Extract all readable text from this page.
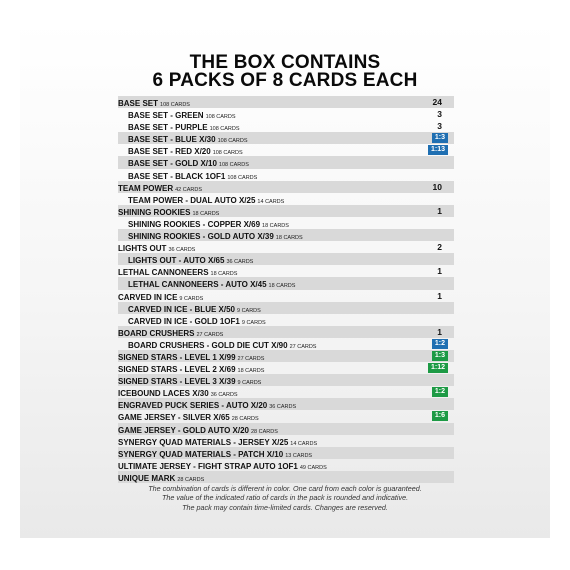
THE BOX CONTAINS
6 PACKS OF 8 CARDS EACH
BASE SET 108 CARDS	24
BASE SET - GREEN 108 CARDS	3
BASE SET - PURPLE 108 CARDS	3
BASE SET - BLUE X/30 108 CARDS	1:3
BASE SET - RED X/20 108 CARDS	1:13
BASE SET - GOLD X/10 108 CARDS
BASE SET - BLACK 1OF1 108 CARDS
TEAM POWER 42 CARDS	10
TEAM POWER - DUAL AUTO X/25 14 CARDS
SHINING ROOKIES 18 CARDS	1
SHINING ROOKIES - COPPER X/69 18 CARDS
SHINING ROOKIES - GOLD AUTO X/39 18 CARDS
LIGHTS OUT 36 CARDS	2
LIGHTS OUT - AUTO X/65 36 CARDS
LETHAL CANNONEERS 18 CARDS	1
LETHAL CANNONEERS - AUTO X/45 18 CARDS
CARVED IN ICE 9 CARDS	1
CARVED IN ICE - BLUE X/50 9 CARDS
CARVED IN ICE - GOLD 1OF1 9 CARDS
BOARD CRUSHERS 27 CARDS	1
BOARD CRUSHERS - GOLD DIE CUT X/90 27 CARDS	1:2
SIGNED STARS - LEVEL 1 X/99 27 CARDS	1:3
SIGNED STARS - LEVEL 2 X/69 18 CARDS	1:12
SIGNED STARS - LEVEL 3 X/39 9 CARDS
ICEBOUND LACES X/30 36 CARDS	1:2
ENGRAVED PUCK SERIES - AUTO X/20 36 CARDS
GAME JERSEY - SILVER X/65 28 CARDS	1:6
GAME JERSEY - GOLD AUTO X/20 28 CARDS
SYNERGY QUAD MATERIALS - JERSEY X/25 14 CARDS
SYNERGY QUAD MATERIALS - PATCH X/10 13 CARDS
ULTIMATE JERSEY - FIGHT STRAP AUTO 1OF1 49 CARDS
UNIQUE MARK 28 CARDS
The combination of cards is different in color. One card from each color is guaranteed.
The value of the indicated ratio of cards in the pack is rounded and indicative.
The pack may contain time-limited cards. Changes are reserved.
